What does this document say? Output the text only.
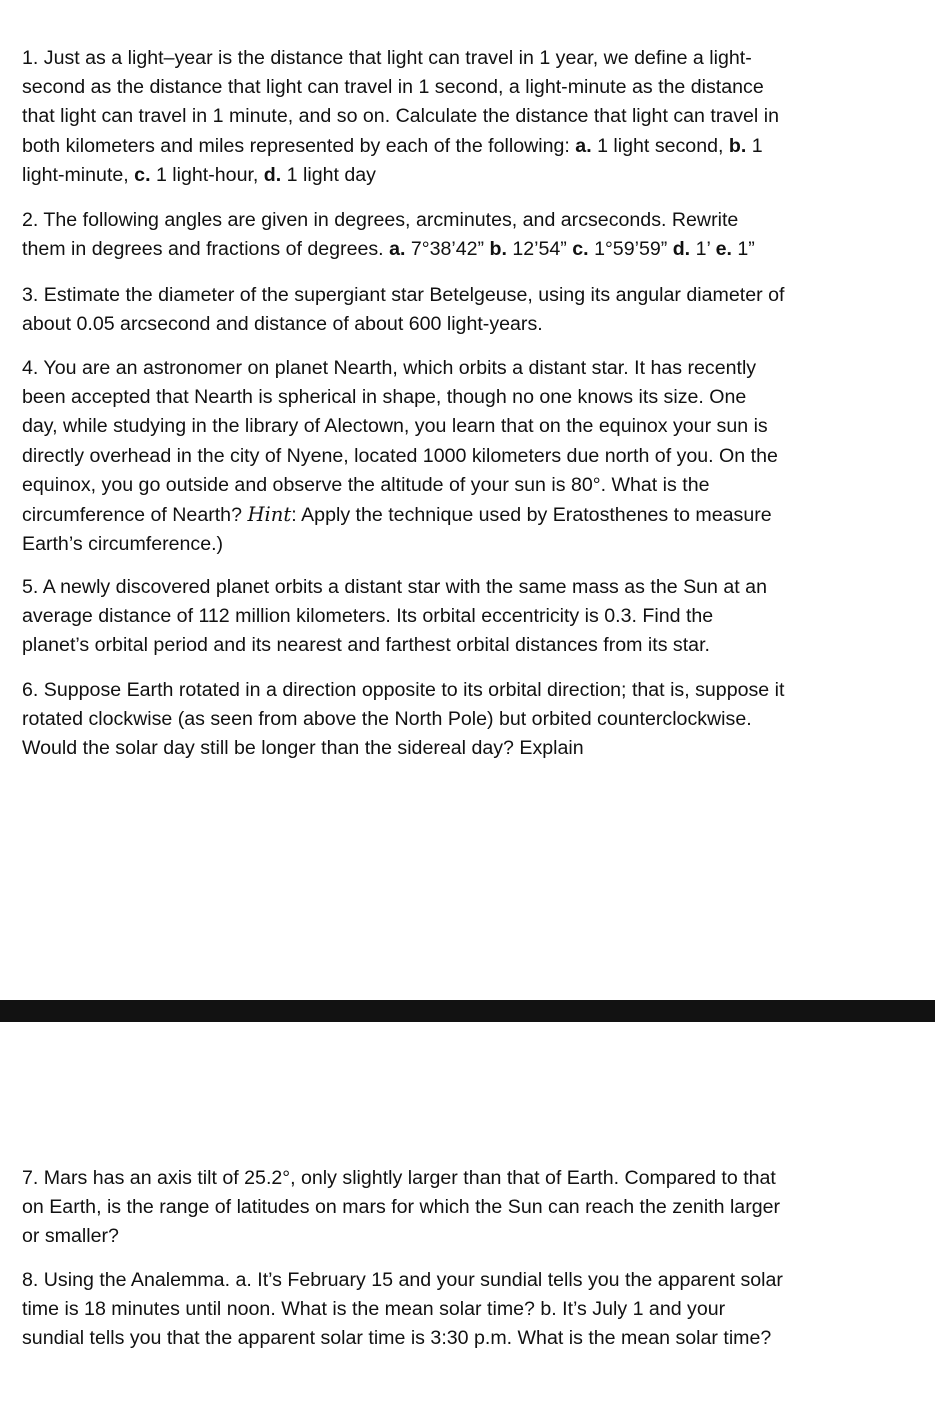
1. Just as a light–year is the distance that light can travel in 1 year, we define a light-
second as the distance that light can travel in 1 second, a light-minute as the distance
that light can travel in 1 minute, and so on. Calculate the distance that light can travel in
both kilometers and miles represented by each of the following: a. 1 light second, b. 1
light-minute, c. 1 light-hour, d. 1 light day
2. The following angles are given in degrees, arcminutes, and arcseconds. Rewrite
them in degrees and fractions of degrees. a. 7°38’42” b. 12’54” c. 1°59’59” d. 1’ e. 1”
3. Estimate the diameter of the supergiant star Betelgeuse, using its angular diameter of
about 0.05 arcsecond and distance of about 600 light-years.
4. You are an astronomer on planet Nearth, which orbits a distant star. It has recently
been accepted that Nearth is spherical in shape, though no one knows its size. One
day, while studying in the library of Alectown, you learn that on the equinox your sun is
directly overhead in the city of Nyene, located 1000 kilometers due north of you. On the
equinox, you go outside and observe the altitude of your sun is 80°. What is the
circumference of Nearth? Hint: Apply the technique used by Eratosthenes to measure
Earth’s circumference.)
5. A newly discovered planet orbits a distant star with the same mass as the Sun at an
average distance of 112 million kilometers. Its orbital eccentricity is 0.3. Find the
planet’s orbital period and its nearest and farthest orbital distances from its star.
6. Suppose Earth rotated in a direction opposite to its orbital direction; that is, suppose it
rotated clockwise (as seen from above the North Pole) but orbited counterclockwise.
Would the solar day still be longer than the sidereal day? Explain
7. Mars has an axis tilt of 25.2°, only slightly larger than that of Earth. Compared to that
on Earth, is the range of latitudes on mars for which the Sun can reach the zenith larger
or smaller?
8. Using the Analemma. a. It’s February 15 and your sundial tells you the apparent solar
time is 18 minutes until noon. What is the mean solar time? b. It’s July 1 and your
sundial tells you that the apparent solar time is 3:30 p.m. What is the mean solar time?
